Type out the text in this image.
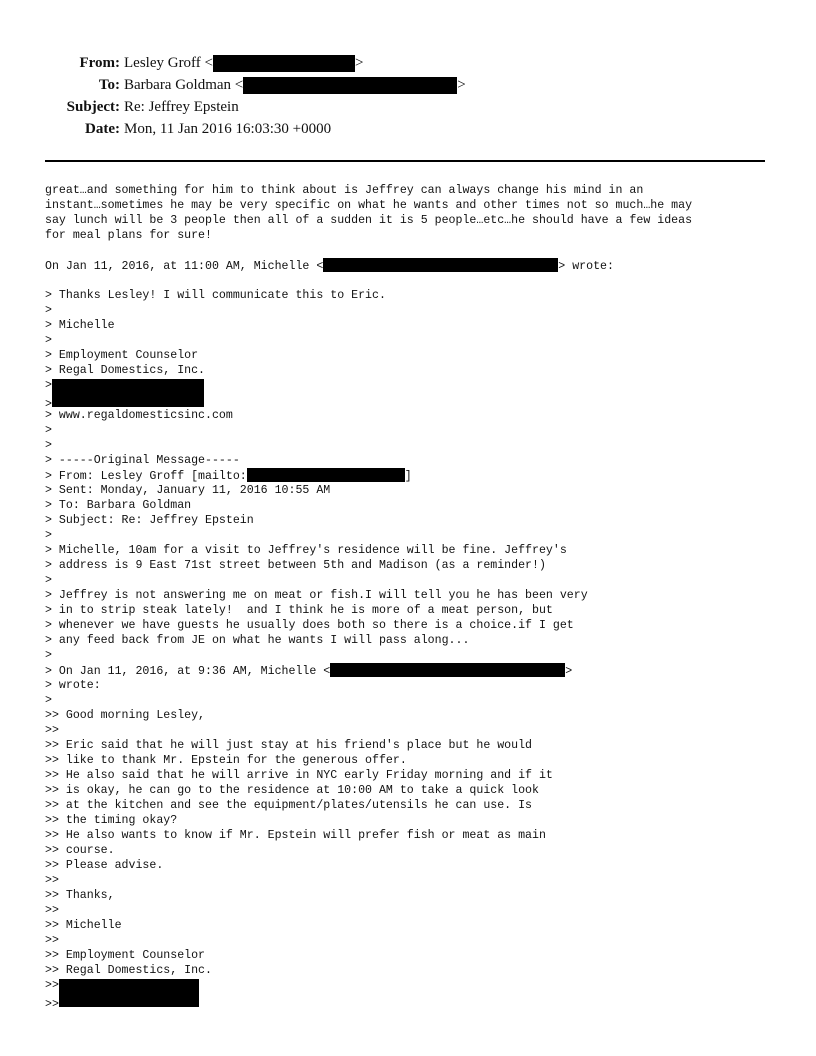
From: Lesley Groff <	>
To: Barbara Goldman <	>
Subject: Re: Jeffrey Epstein
Date: Mon, 11 Jan 2016 16:03:30 +0000
great…and something for him to think about is Jeffrey can always change his mind in an
instant…sometimes he may be very specific on what he wants and other times not so much…he may
say lunch will be 3 people then all of a sudden it is 5 people…etc…he should have a few ideas
for meal plans for sure!
On Jan 11, 2016, at 11:00 AM, Michelle <	> wrote:
> Thanks Lesley! I will communicate this to Eric.
>
> Michelle
>
> Employment Counselor
> Regal Domestics, Inc.
>
>
> www.regaldomesticsinc.com
>
>
> -----Original Message-----
> From: Lesley Groff [mailto:	]
> Sent: Monday, January 11, 2016 10:55 AM
> To: Barbara Goldman
> Subject: Re: Jeffrey Epstein
>
> Michelle, 10am for a visit to Jeffrey's residence will be fine. Jeffrey's
> address is 9 East 71st street between 5th and Madison (as a reminder!)
>
> Jeffrey is not answering me on meat or fish.I will tell you he has been very
> in to strip steak lately!  and I think he is more of a meat person, but
> whenever we have guests he usually does both so there is a choice.if I get
> any feed back from JE on what he wants I will pass along...
>
> On Jan 11, 2016, at 9:36 AM, Michelle <	>
> wrote:
>
>> Good morning Lesley,
>>
>> Eric said that he will just stay at his friend's place but he would
>> like to thank Mr. Epstein for the generous offer.
>> He also said that he will arrive in NYC early Friday morning and if it
>> is okay, he can go to the residence at 10:00 AM to take a quick look
>> at the kitchen and see the equipment/plates/utensils he can use. Is
>> the timing okay?
>> He also wants to know if Mr. Epstein will prefer fish or meat as main
>> course.
>> Please advise.
>>
>> Thanks,
>>
>> Michelle
>>
>> Employment Counselor
>> Regal Domestics, Inc.
>>
>>
